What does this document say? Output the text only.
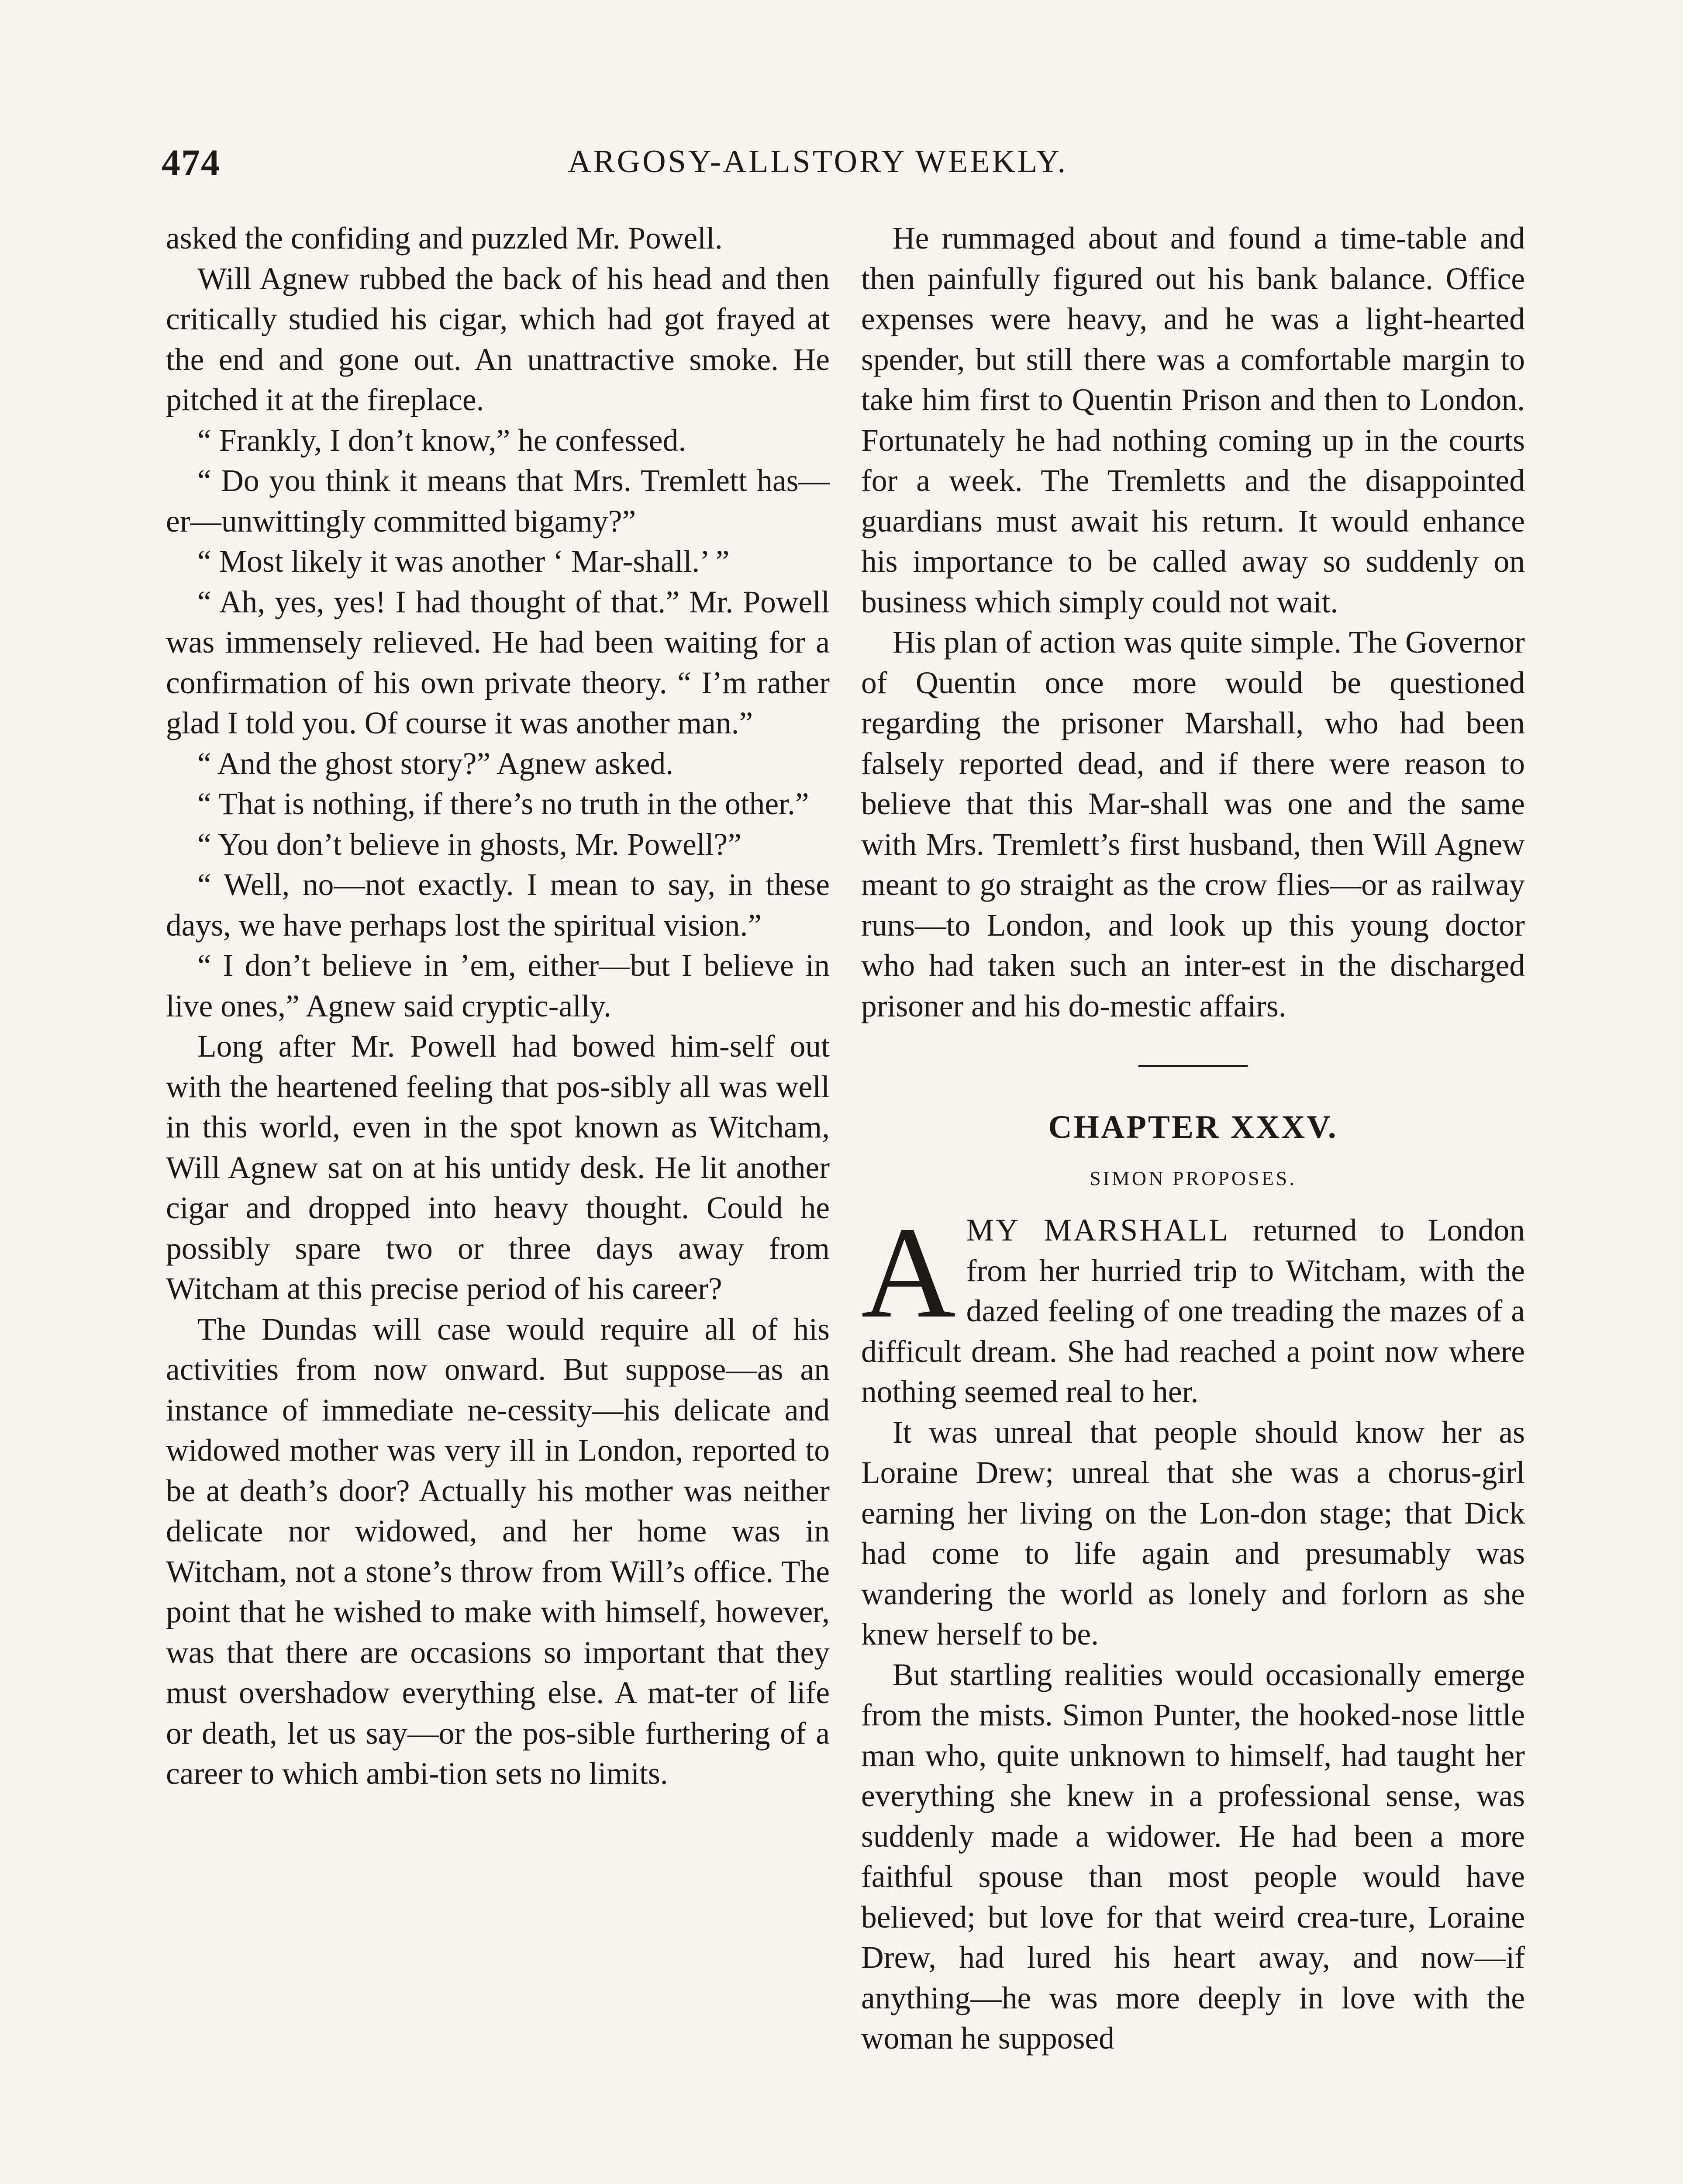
474	ARGOSY-ALLSTORY WEEKLY.

asked the confiding and puzzled Mr. Powell.

Will Agnew rubbed the back of his head and then critically studied his cigar, which had got frayed at the end and gone out. An unattractive smoke. He pitched it at the fireplace.

“ Frankly, I don’t know,” he confessed.

“ Do you think it means that Mrs. Tremlett has—er—unwittingly committed bigamy?”

“ Most likely it was another ‘ Mar-shall.’ ”

“ Ah, yes, yes! I had thought of that.” Mr. Powell was immensely relieved. He had been waiting for a confirmation of his own private theory. “ I’m rather glad I told you. Of course it was another man.”

“ And the ghost story?” Agnew asked.

“ That is nothing, if there’s no truth in the other.”

“ You don’t believe in ghosts, Mr. Powell?”

“ Well, no—not exactly. I mean to say, in these days, we have perhaps lost the spiritual vision.”

“ I don’t believe in ’em, either—but I believe in live ones,” Agnew said cryptic-ally.

Long after Mr. Powell had bowed him-self out with the heartened feeling that pos-sibly all was well in this world, even in the spot known as Witcham, Will Agnew sat on at his untidy desk. He lit another cigar and dropped into heavy thought. Could he possibly spare two or three days away from Witcham at this precise period of his career?

The Dundas will case would require all of his activities from now onward. But suppose—as an instance of immediate ne-cessity—his delicate and widowed mother was very ill in London, reported to be at death’s door? Actually his mother was neither delicate nor widowed, and her home was in Witcham, not a stone’s throw from Will’s office. The point that he wished to make with himself, however, was that there are occasions so important that they must overshadow everything else. A mat-ter of life or death, let us say—or the pos-sible furthering of a career to which ambi-tion sets no limits.

He rummaged about and found a time-table and then painfully figured out his bank balance. Office expenses were heavy, and he was a light-hearted spender, but still there was a comfortable margin to take him first to Quentin Prison and then to London. Fortunately he had nothing coming up in the courts for a week. The Tremletts and the disappointed guardians must await his return. It would enhance his importance to be called away so suddenly on business which simply could not wait.

His plan of action was quite simple. The Governor of Quentin once more would be questioned regarding the prisoner Marshall, who had been falsely reported dead, and if there were reason to believe that this Mar-shall was one and the same with Mrs. Tremlett’s first husband, then Will Agnew meant to go straight as the crow flies—or as railway runs—to London, and look up this young doctor who had taken such an inter-est in the discharged prisoner and his do-mestic affairs.

CHAPTER XXXV.
SIMON PROPOSES.

AMY MARSHALL returned to London from her hurried trip to Witcham, with the dazed feeling of one treading the mazes of a difficult dream. She had reached a point now where nothing seemed real to her.

It was unreal that people should know her as Loraine Drew; unreal that she was a chorus-girl earning her living on the Lon-don stage; that Dick had come to life again and presumably was wandering the world as lonely and forlorn as she knew herself to be.

But startling realities would occasionally emerge from the mists. Simon Punter, the hooked-nose little man who, quite unknown to himself, had taught her everything she knew in a professional sense, was suddenly made a widower. He had been a more faithful spouse than most people would have believed; but love for that weird crea-ture, Loraine Drew, had lured his heart away, and now—if anything—he was more deeply in love with the woman he supposed
